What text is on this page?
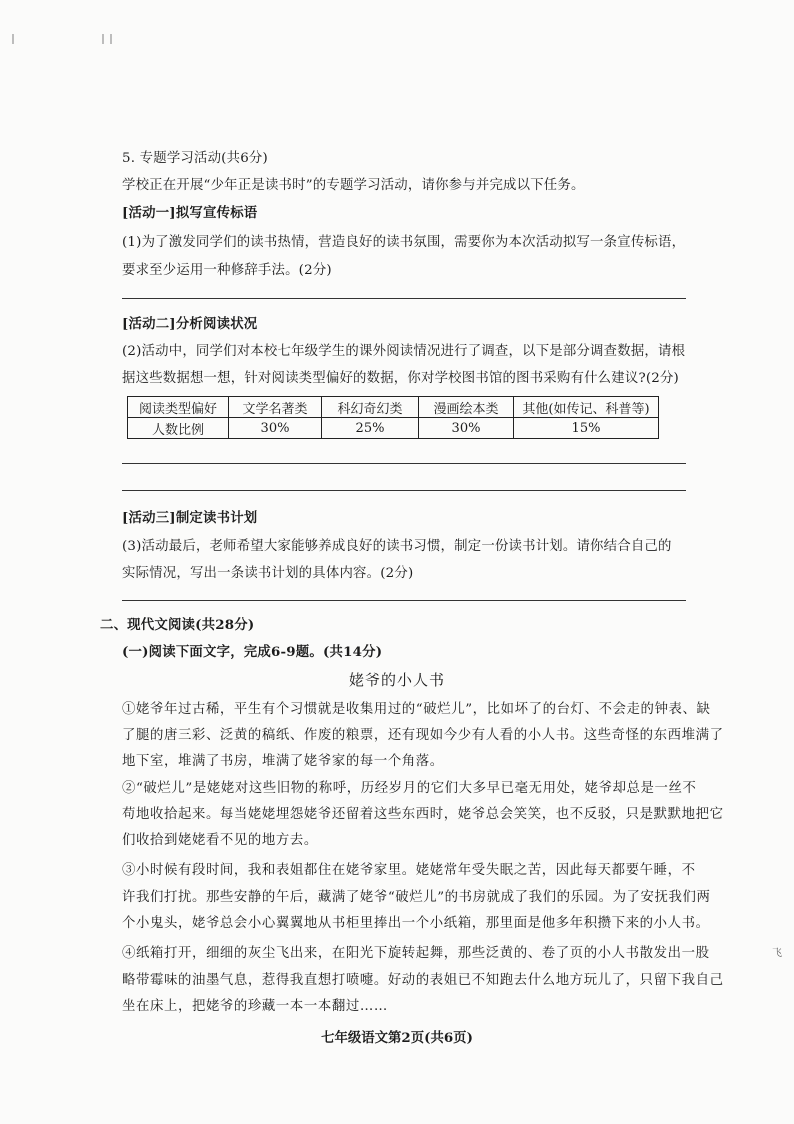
5. 专题学习活动(共6分)
学校正在开展“少年正是读书时”的专题学习活动，请你参与并完成以下任务。
[活动一]拟写宣传标语
(1)为了激发同学们的读书热情，营造良好的读书氛围，需要你为本次活动拟写一条宣传标语，
要求至少运用一种修辞手法。(2分)
[活动二]分析阅读状况
(2)活动中，同学们对本校七年级学生的课外阅读情况进行了调查，以下是部分调查数据，请根
据这些数据想一想，针对阅读类型偏好的数据，你对学校图书馆的图书采购有什么建议?(2分)
阅读类型偏好	文学名著类	科幻奇幻类	漫画绘本类	其他(如传记、科普等)
人数比例	30%	25%	30%	15%
[活动三]制定读书计划
(3)活动最后，老师希望大家能够养成良好的读书习惯，制定一份读书计划。请你结合自己的
实际情况，写出一条读书计划的具体内容。(2分)
二、现代文阅读(共28分)
(一)阅读下面文字，完成6-9题。(共14分)
姥爷的小人书
①姥爷年过古稀，平生有个习惯就是收集用过的“破烂儿”，比如坏了的台灯、不会走的钟表、缺
了腿的唐三彩、泛黄的稿纸、作废的粮票，还有现如今少有人看的小人书。这些奇怪的东西堆满了
地下室，堆满了书房，堆满了姥爷家的每一个角落。
②“破烂儿”是姥姥对这些旧物的称呼，历经岁月的它们大多早已毫无用处，姥爷却总是一丝不
苟地收拾起来。每当姥姥埋怨姥爷还留着这些东西时，姥爷总会笑笑，也不反驳，只是默默地把它
们收拾到姥姥看不见的地方去。
③小时候有段时间，我和表姐都住在姥爷家里。姥姥常年受失眠之苦，因此每天都要午睡，不
许我们打扰。那些安静的午后，藏满了姥爷“破烂儿”的书房就成了我们的乐园。为了安抚我们两
个小鬼头，姥爷总会小心翼翼地从书柜里捧出一个小纸箱，那里面是他多年积攒下来的小人书。
④纸箱打开，细细的灰尘飞出来，在阳光下旋转起舞，那些泛黄的、卷了页的小人书散发出一股
略带霉味的油墨气息，惹得我直想打喷嚏。好动的表姐已不知跑去什么地方玩儿了，只留下我自己
坐在床上，把姥爷的珍藏一本一本翻过……
飞
七年级语文第2页(共6页)
